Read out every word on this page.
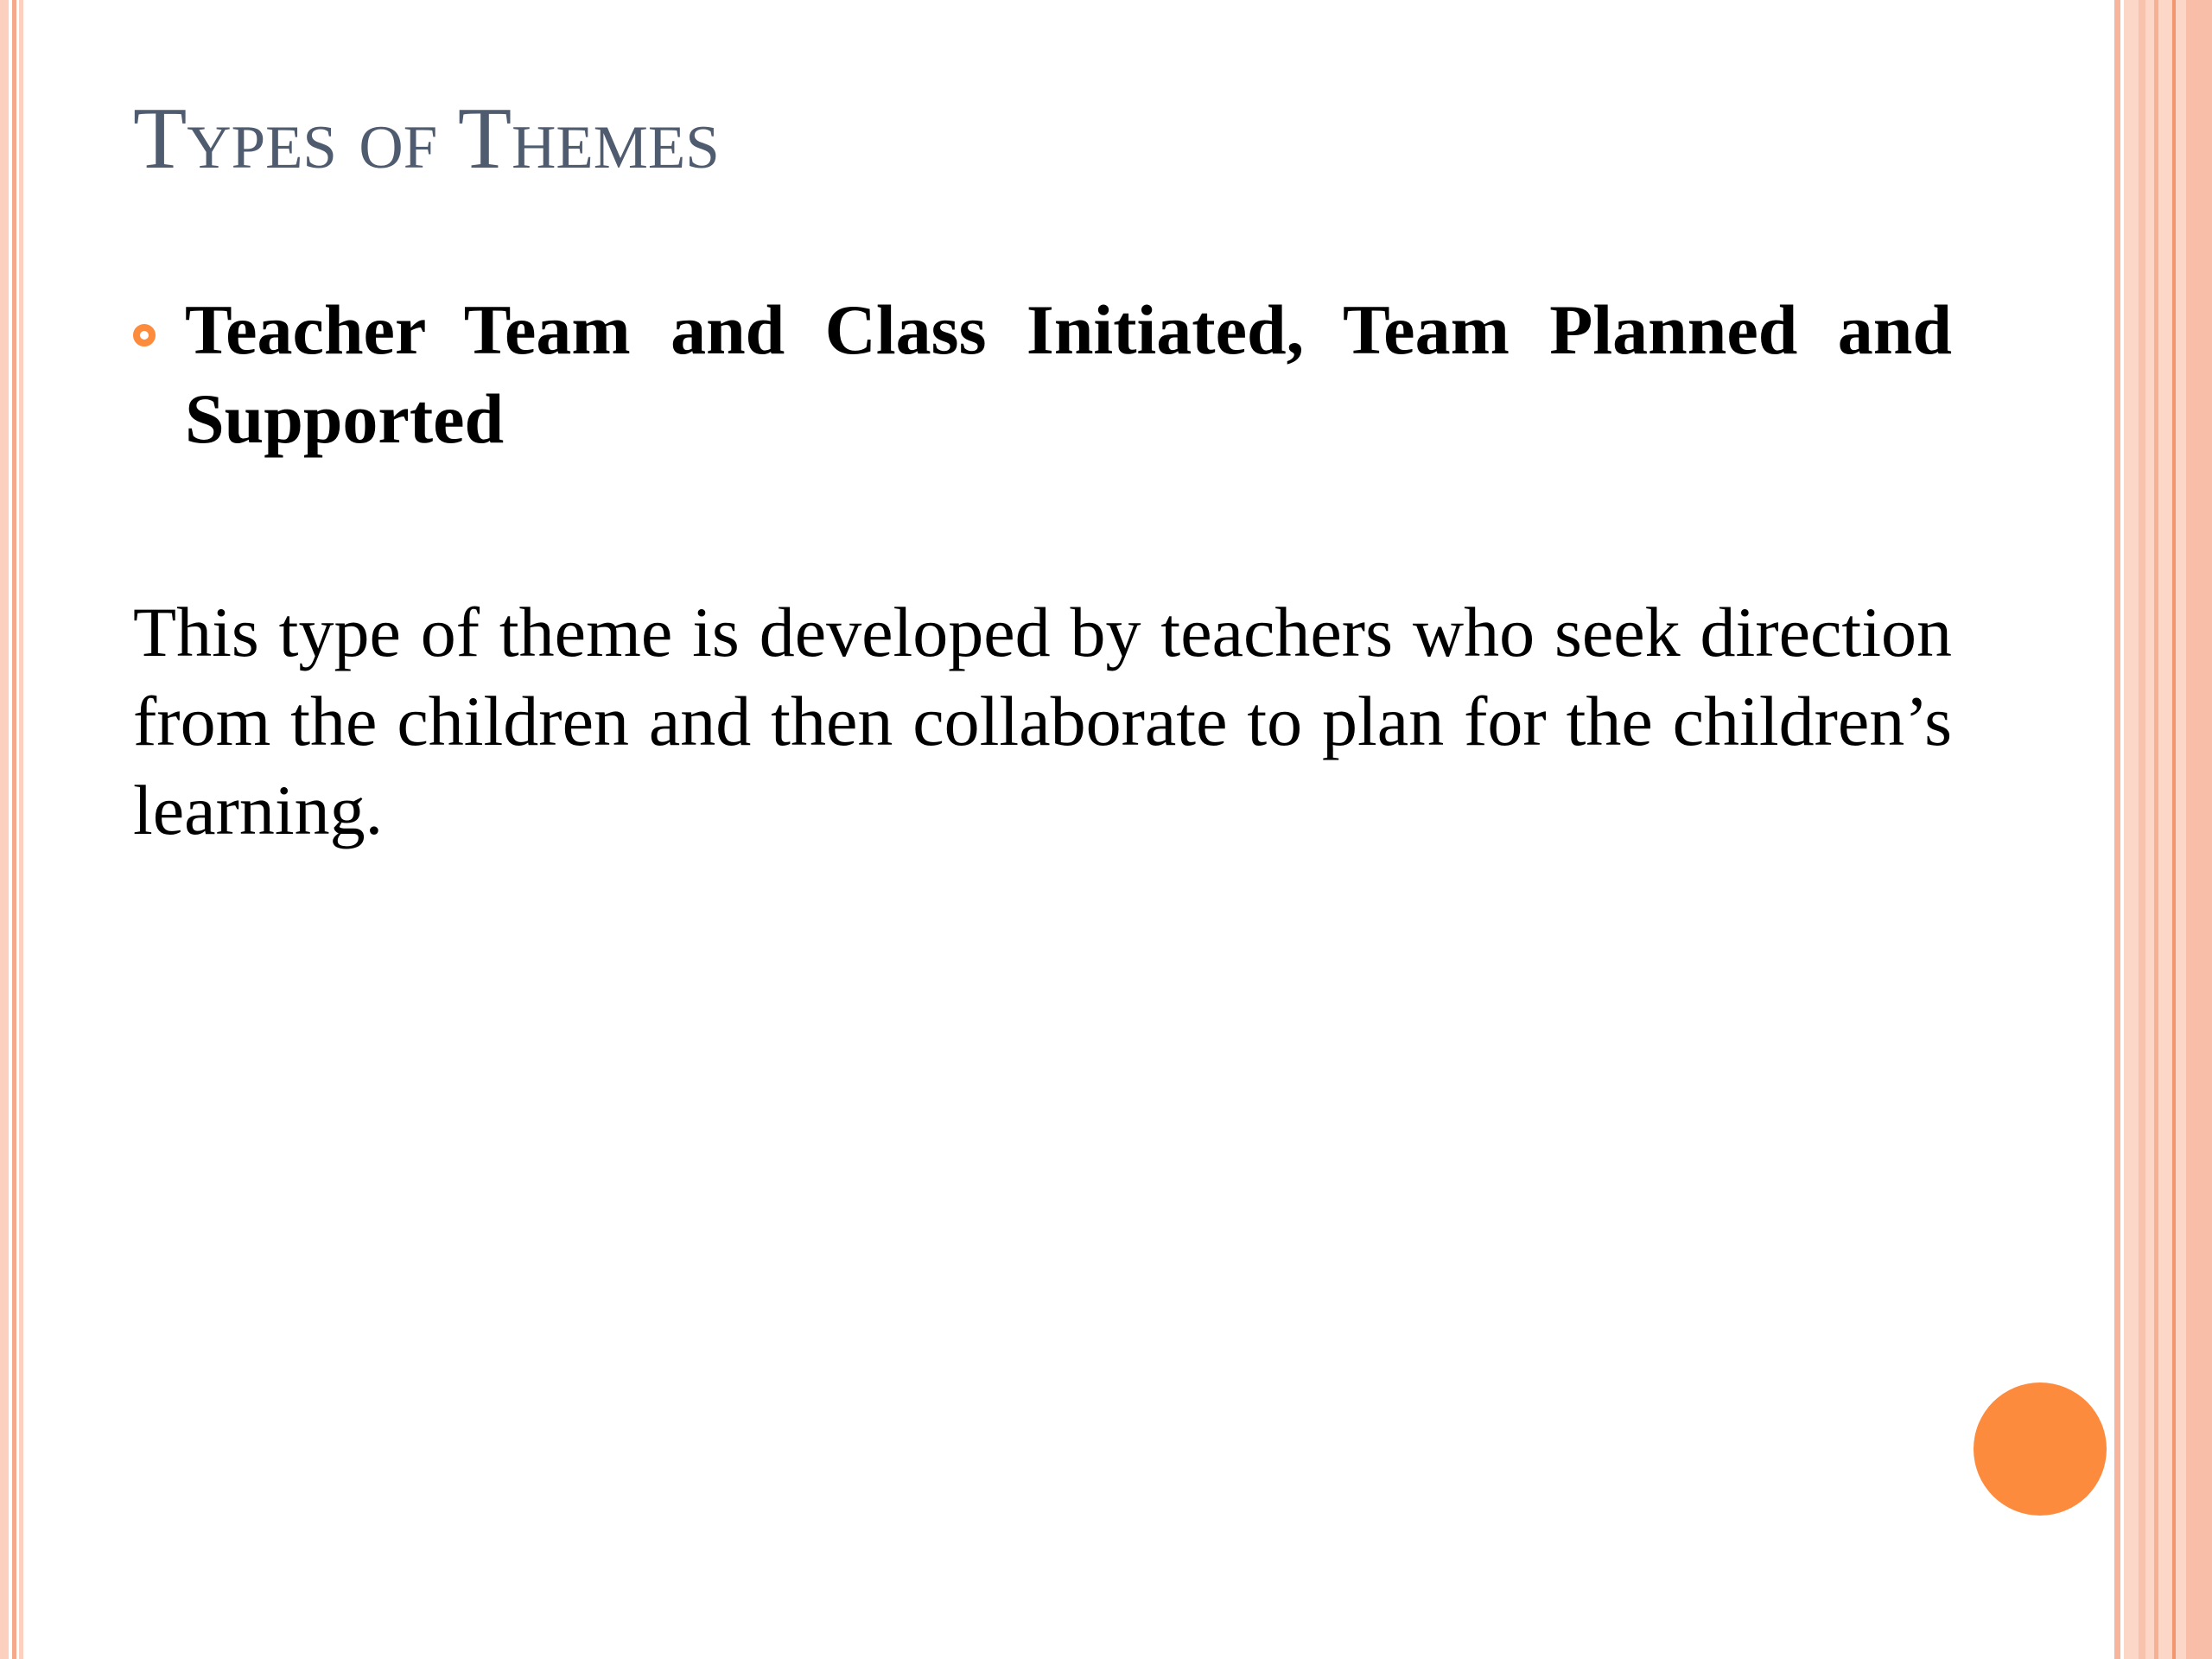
Types of Themes
Teacher Team and Class Initiated, Team Planned and Supported

This type of theme is developed by teachers who seek direction from the children and then collaborate to plan for the children’s learning.
